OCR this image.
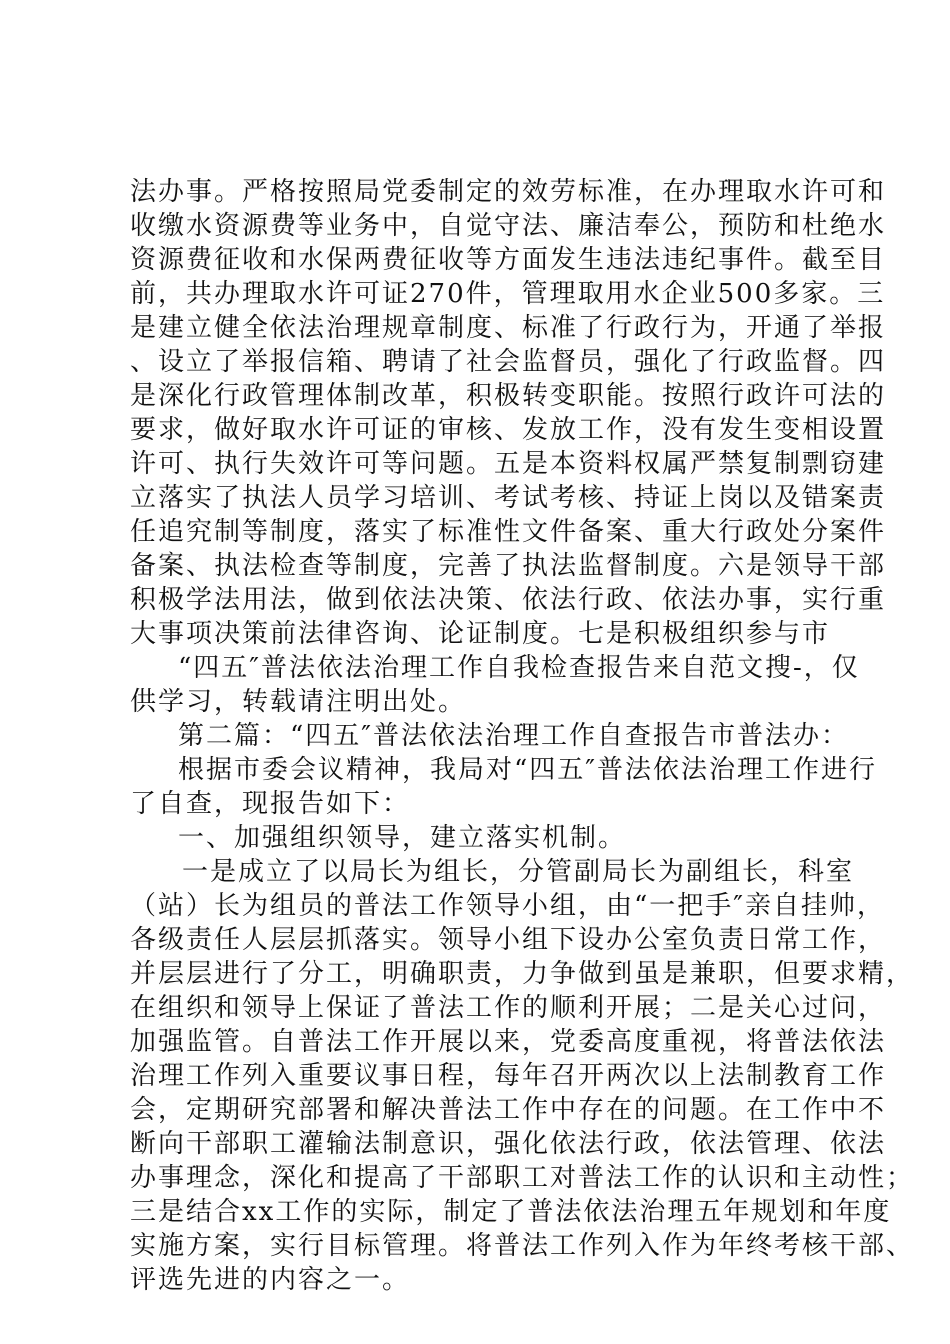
法办事。严格按照局党委制定的效劳标准，在办理取水许可和

收缴水资源费等业务中，自觉守法、廉洁奉公，预防和杜绝水

资源费征收和水保两费征收等方面发生违法违纪事件。截至目

前，共办理取水许可证270件，管理取用水企业500多家。三

是建立健全依法治理规章制度、标准了行政行为，开通了举报

、设立了举报信箱、聘请了社会监督员，强化了行政监督。四

是深化行政管理体制改革，积极转变职能。按照行政许可法的

要求，做好取水许可证的审核、发放工作，没有发生变相设置

许可、执行失效许可等问题。五是本资料权属严禁复制剽窃建

立落实了执法人员学习培训、考试考核、持证上岗以及错案责

任追究制等制度，落实了标准性文件备案、重大行政处分案件

备案、执法检查等制度，完善了执法监督制度。六是领导干部

积极学法用法，做到依法决策、依法行政、依法办事，实行重

大事项决策前法律咨询、论证制度。七是积极组织参与市

“四五″普法依法治理工作自我检查报告来自范文搜-，仅

供学习，转载请注明出处。

第二篇：“四五″普法依法治理工作自查报告市普法办：

根据市委会议精神，我局对“四五″普法依法治理工作进行

了自查，现报告如下：

一、加强组织领导，建立落实机制。

一是成立了以局长为组长，分管副局长为副组长，科室

（站）长为组员的普法工作领导小组，由“一把手″亲自挂帅，

各级责任人层层抓落实。领导小组下设办公室负责日常工作，

并层层进行了分工，明确职责，力争做到虽是兼职，但要求精，

在组织和领导上保证了普法工作的顺利开展；二是关心过问，

加强监管。自普法工作开展以来，党委高度重视，将普法依法

治理工作列入重要议事日程，每年召开两次以上法制教育工作

会，定期研究部署和解决普法工作中存在的问题。在工作中不

断向干部职工灌输法制意识，强化依法行政，依法管理、依法

办事理念，深化和提高了干部职工对普法工作的认识和主动性；

三是结合xx工作的实际，制定了普法依法治理五年规划和年度

实施方案，实行目标管理。将普法工作列入作为年终考核干部、

评选先进的内容之一。
